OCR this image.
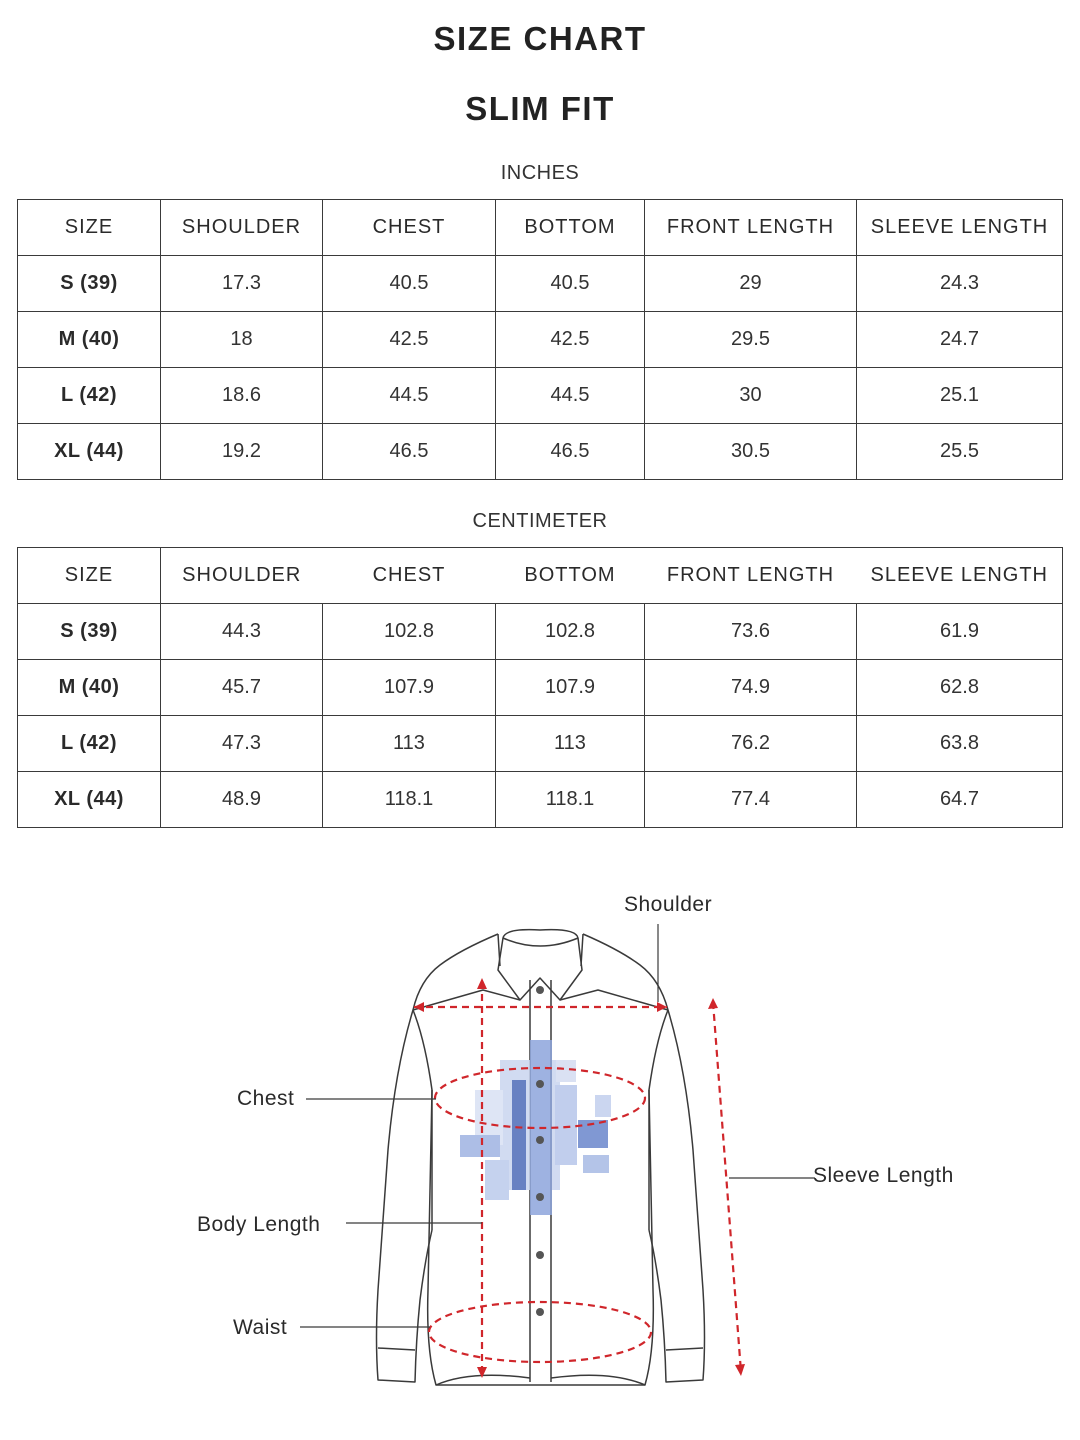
SIZE CHART
SLIM FIT
INCHES
SIZE	SHOULDER	CHEST	BOTTOM	FRONT LENGTH	SLEEVE LENGTH
S (39)	17.3	40.5	40.5	29	24.3
M (40)	18	42.5	42.5	29.5	24.7
L (42)	18.6	44.5	44.5	30	25.1
XL (44)	19.2	46.5	46.5	30.5	25.5
CENTIMETER
SIZE	SHOULDER	CHEST	BOTTOM	FRONT LENGTH	SLEEVE LENGTH
S (39)	44.3	102.8	102.8	73.6	61.9
M (40)	45.7	107.9	107.9	74.9	62.8
L (42)	47.3	113	113	76.2	63.8
XL (44)	48.9	118.1	118.1	77.4	64.7
Shoulder
Chest
Sleeve Length
Body Length
Waist
